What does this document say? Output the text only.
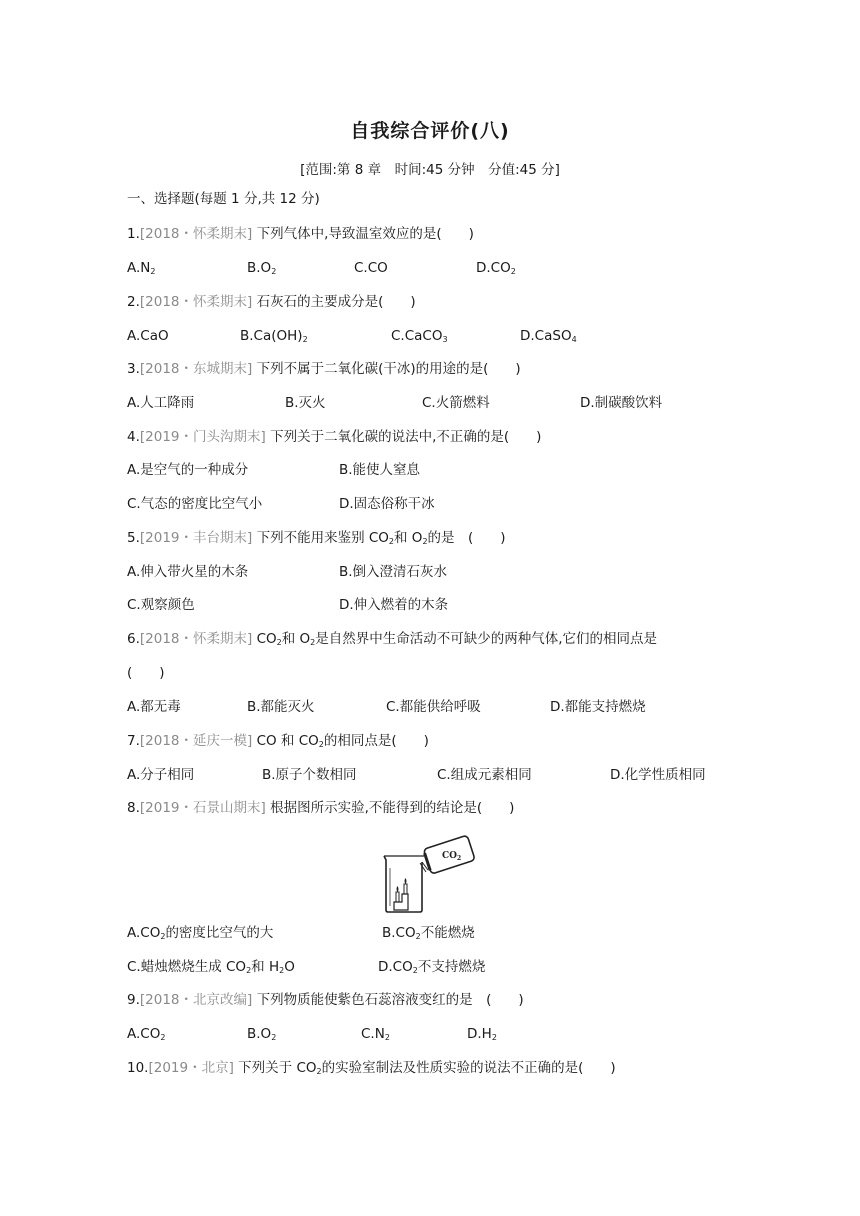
自我综合评价(八)
[范围:第 8 章　时间:45 分钟　分值:45 分]
一、选择题(每题 1 分,共 12 分)
1.[2018・怀柔期末] 下列气体中,导致温室效应的是(　　)
$A.N_2$	$B.O_2$	C.CO	$D.CO_2$
2.[2018・怀柔期末] 石灰石的主要成分是(　　)
A.CaO	$B.Ca(OH)_2$	C.CaCO$_3$	D.CaSO$_4$
3.[2018・东城期末] 下列不属于二氧化碳(干冰)的用途的是(　　)
A.人工降雨	B.灭火	C.火箭燃料	D.制碳酸饮料
4.[2019・门头沟期末] 下列关于二氧化碳的说法中,不正确的是(　　)
A.是空气的一种成分	B.能使人窒息
C.气态的密度比空气小	D.固态俗称干冰
5.[2019・丰台期末] 下列不能用来鉴别 $CO_2$和 $O_2$的是　(　　)
A.伸入带火星的木条	B.倒入澄清石灰水
C.观察颜色	D.伸入燃着的木条
6.[2018・怀柔期末] $CO_2$和 $O_2$是自然界中生命活动不可缺少的两种气体,它们的相同点是
(　　)
A.都无毒	B.都能灭火	C.都能供给呼吸	D.都能支持燃烧
7.[2018・延庆一模] CO 和 $CO_2$的相同点是(　　)
A.分子相同	B.原子个数相同	C.组成元素相同	D.化学性质相同
8.[2019・石景山期末] 根据图所示实验,不能得到的结论是(　　)
$CO_2$
$A.CO_2$的密度比空气的大	$B.CO_2$不能燃烧
C.蜡烛燃烧生成 $CO_2$和 $H_2O$	$D.CO_2$不支持燃烧
9.[2018・北京改编] 下列物质能使紫色石蕊溶液变红的是　(　　)
$A.CO_2$	$B.O_2$	$C.N_2$	$D.H_2$
10.[2019・北京] 下列关于 $CO_2$的实验室制法及性质实验的说法不正确的是(　　)
